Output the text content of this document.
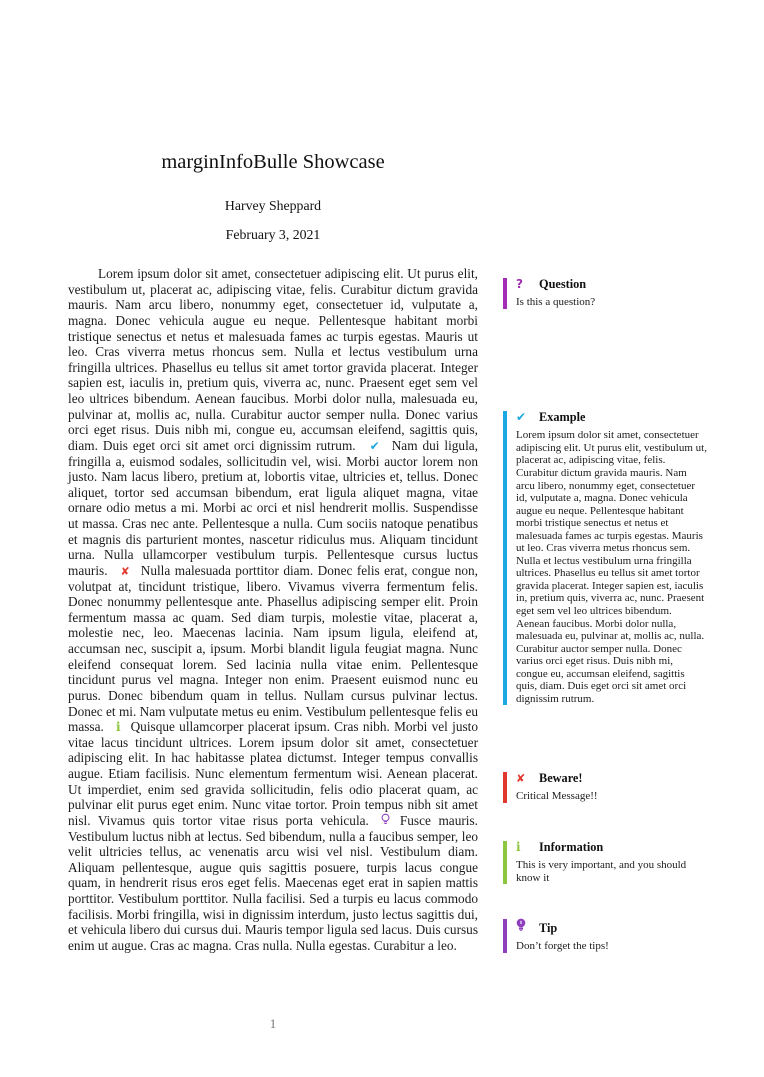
marginInfoBulle Showcase
Harvey Sheppard
February 3, 2021

Lorem ipsum dolor sit amet, consectetuer adipiscing elit. Ut purus elit, vestibulum ut, placerat ac, adipiscing vitae, felis. Curabitur dictum gravida mauris. Nam arcu libero, nonummy eget, consectetuer id, vulputate a, magna. Donec vehicula augue eu neque. Pellentesque habitant morbi tristique senectus et netus et malesuada fames ac turpis egestas. Mauris ut leo. Cras viverra metus rhoncus sem. Nulla et lectus vestibulum urna fringilla ultrices. Phasellus eu tellus sit amet tortor gravida placerat. Integer sapien est, iaculis in, pretium quis, viverra ac, nunc. Praesent eget sem vel leo ultrices bibendum. Aenean faucibus. Morbi dolor nulla, malesuada eu, pulvinar at, mollis ac, nulla. Curabitur auctor semper nulla. Donec varius orci eget risus. Duis nibh mi, congue eu, accumsan eleifend, sagittis quis, diam. Duis eget orci sit amet orci dignissim rutrum. ✔ Nam dui ligula, fringilla a, euismod sodales, sollicitudin vel, wisi. Morbi auctor lorem non justo. Nam lacus libero, pretium at, lobortis vitae, ultricies et, tellus. Donec aliquet, tortor sed accumsan bibendum, erat ligula aliquet magna, vitae ornare odio metus a mi. Morbi ac orci et nisl hendrerit mollis. Suspendisse ut massa. Cras nec ante. Pellentesque a nulla. Cum sociis natoque penatibus et magnis dis parturient montes, nascetur ridiculus mus. Aliquam tincidunt urna. Nulla ullamcorper vestibulum turpis. Pellentesque cursus luctus mauris. ✘ Nulla malesuada porttitor diam. Donec felis erat, congue non, volutpat at, tincidunt tristique, libero. Vivamus viverra fermentum felis. Donec nonummy pellentesque ante. Phasellus adipiscing semper elit. Proin fermentum massa ac quam. Sed diam turpis, molestie vitae, placerat a, molestie nec, leo. Maecenas lacinia. Nam ipsum ligula, eleifend at, accumsan nec, suscipit a, ipsum. Morbi blandit ligula feugiat magna. Nunc eleifend consequat lorem. Sed lacinia nulla vitae enim. Pellentesque tincidunt purus vel magna. Integer non enim. Praesent euismod nunc eu purus. Donec bibendum quam in tellus. Nullam cursus pulvinar lectus. Donec et mi. Nam vulputate metus eu enim. Vestibulum pellentesque felis eu massa. i Quisque ullamcorper placerat ipsum. Cras nibh. Morbi vel justo vitae lacus tincidunt ultrices. Lorem ipsum dolor sit amet, consectetuer adipiscing elit. In hac habitasse platea dictumst. Integer tempus convallis augue. Etiam facilisis. Nunc elementum fermentum wisi. Aenean placerat. Ut imperdiet, enim sed gravida sollicitudin, felis odio placerat quam, ac pulvinar elit purus eget enim. Nunc vitae tortor. Proin tempus nibh sit amet nisl. Vivamus quis tortor vitae risus porta vehicula. Fusce mauris. Vestibulum luctus nibh at lectus. Sed bibendum, nulla a faucibus semper, leo velit ultricies tellus, ac venenatis arcu wisi vel nisl. Vestibulum diam. Aliquam pellentesque, augue quis sagittis posuere, turpis lacus congue quam, in hendrerit risus eros eget felis. Maecenas eget erat in sapien mattis porttitor. Vestibulum porttitor. Nulla facilisi. Sed a turpis eu lacus commodo facilisis. Morbi fringilla, wisi in dignissim interdum, justo lectus sagittis dui, et vehicula libero dui cursus dui. Mauris tempor ligula sed lacus. Duis cursus enim ut augue. Cras ac magna. Cras nulla. Nulla egestas. Curabitur a leo.

?	Question
Is this a question?
✔	Example
Lorem ipsum dolor sit amet, consectetuer adipiscing elit. Ut purus elit, vestibulum ut, placerat ac, adipiscing vitae, felis. Curabitur dictum gravida mauris. Nam arcu libero, nonummy eget, consectetuer id, vulputate a, magna. Donec vehicula augue eu neque. Pellentesque habitant morbi tristique senectus et netus et malesuada fames ac turpis egestas. Mauris ut leo. Cras viverra metus rhoncus sem. Nulla et lectus vestibulum urna fringilla ultrices. Phasellus eu tellus sit amet tortor gravida placerat. Integer sapien est, iaculis in, pretium quis, viverra ac, nunc. Praesent eget sem vel leo ultrices bibendum. Aenean faucibus. Morbi dolor nulla, malesuada eu, pulvinar at, mollis ac, nulla. Curabitur auctor semper nulla. Donec varius orci eget risus. Duis nibh mi, congue eu, accumsan eleifend, sagittis quis, diam. Duis eget orci sit amet orci dignissim rutrum.
✘	Beware!
Critical Message!!
i	Information
This is very important, and you should know it
Tip
Don’t forget the tips!
1
